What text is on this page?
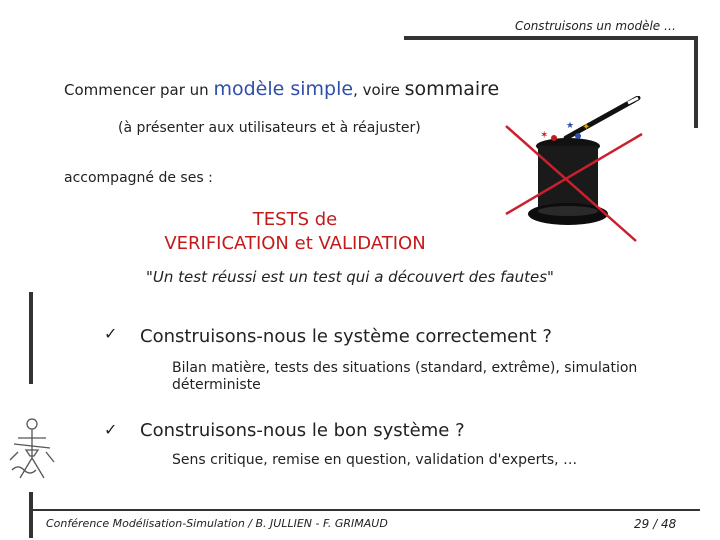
Construisons un modèle …
Commencer par un modèle simple, voire sommaire
(à présenter aux utilisateurs et à réajuster)
accompagné de ses :
TESTS de
VERIFICATION et VALIDATION
"Un test réussi est un test qui a découvert des fautes"
✓ Construisons-nous le système correctement ?
Bilan matière, tests des situations (standard, extrême), simulation déterministe
✓ Construisons-nous le bon système ?
Sens critique, remise en question, validation d'experts, …
Conférence Modélisation-Simulation / B. JULLIEN - F. GRIMAUD	29 / 48
✶
✦
★
